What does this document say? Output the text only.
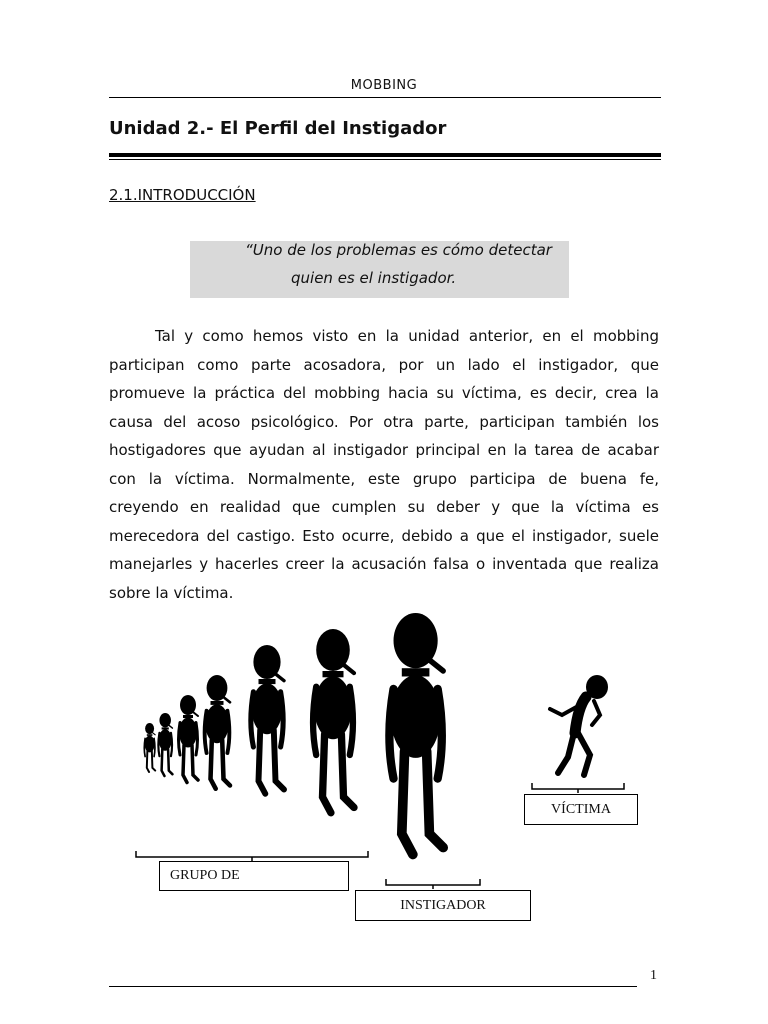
MOBBING
Unidad 2.- El Perfil del Instigador
2.1.INTRODUCCIÓN
“Uno de los problemas es cómo detectar
quien es el instigador.

Tal y como hemos visto en la unidad anterior, en el mobbing participan como parte acosadora, por un lado el instigador, que promueve la práctica del mobbing hacia su víctima, es decir, crea la causa del acoso psicológico. Por otra parte, participan también los hostigadores que ayudan al instigador principal en la tarea de acabar con la víctima. Normalmente, este grupo participa de buena fe, creyendo en realidad que cumplen su deber y que la víctima es merecedora del castigo. Esto ocurre, debido a que el instigador, suele manejarles y hacerles creer la acusación falsa o inventada que realiza sobre la víctima.

GRUPO DE
INSTIGADOR
VÍCTIMA
1
